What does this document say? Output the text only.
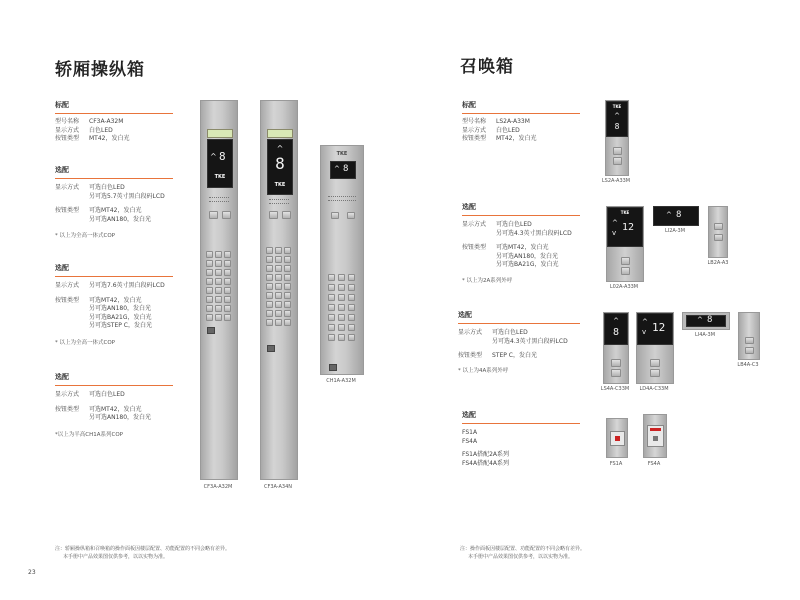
轿厢操纵箱
标配
型号名称 CF3A-A32M
显示方式 白色LED
按钮类型 MT42，发白光
选配
显示方式 可选白色LED
另可选5.7英寸黑白段码LCD
按钮类型 可选MT42，发白光
另可选AN180，发白光
* 以上为全高一体式COP
选配
显示方式 另可选7.6英寸黑白段码LCD
按钮类型 可选MT42，发白光
另可选AN180，发白光
另可选BA21G，发白光
另可选STEP C，发白光
* 以上为全高一体式COP
选配
显示方式 可选白色LED
按钮类型 可选MT42，发白光
另可选AN180，发白光
*以上为半高CH1A系列COP
^ 8
TKE
CF3A-A32M
^
8
TKE
CF3A-A34N
TKE
^ 8
CH1A-A32M
注：轿厢操纵箱和召唤箱的操作面板因楼层配置、功能配置的不同会略有差异。
本手册中产品效果图仅供参考，以以实物为准。
23
召唤箱
标配
型号名称 LS2A-A33M
显示方式 白色LED
按钮类型 MT42，发白光
选配
显示方式 可选白色LED
另可选4.3英寸黑白段码LCD
按钮类型 可选MT42，发白光
另可选AN180，发白光
另可选BA21G，发白光
* 以上为2A系列外呼
选配
显示方式 可选白色LED
另可选4.3英寸黑白段码LCD
按钮类型 STEP C，发白光
* 以上为4A系列外呼
选配
FS1A
FS4A
FS1A搭配2A系列
FS4A搭配4A系列
TKE
^
8
LS2A-A33M
TKE
^
v 12
L02A-A33M
^ 8
LI2A-3M
LB2A-A3
^
8
LS4A-C33M
^
v 12
LD4A-C33M
^ 8
LI4A-3M
LB4A-C3
FS1A	FS4A
注：操作面板因楼层配置、功能配置的不同会略有差异。
本手册中产品效果图仅供参考，以以实物为准。
